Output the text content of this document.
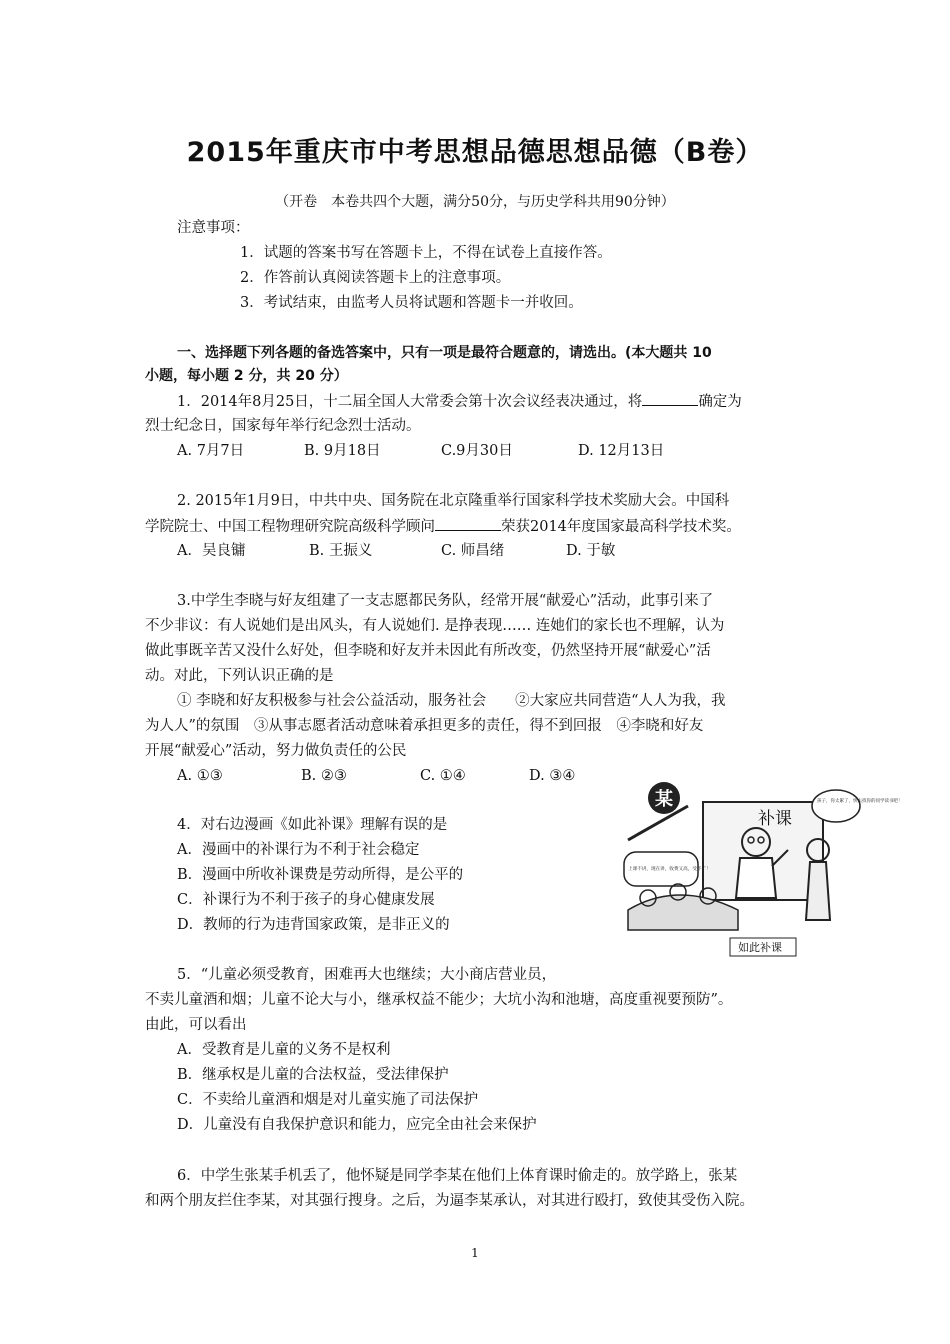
2015年重庆市中考思想品德思想品德（B卷）
（开卷　本卷共四个大题，满分50分，与历史学科共用90分钟）
注意事项：
1．试题的答案书写在答题卡上，不得在试卷上直接作答。
2．作答前认真阅读答题卡上的注意事项。
3．考试结束，由监考人员将试题和答题卡一并收回。
一、选择题下列各题的备选答案中，只有一项是最符合题意的，请选出。(本大题共 10
小题，每小题 2 分，共 20 分）
1．2014年8月25日，十二届全国人大常委会第十次会议经表决通过，将	确定为
烈士纪念日，国家每年举行纪念烈士活动。
A. 7月7日	B. 9月18日	C.9月30日	D. 12月13日
2. 2015年1月9日，中共中央、国务院在北京隆重举行国家科学技术奖励大会。中国科
学院院士、中国工程物理研究院高级科学顾问	荣获2014年度国家最高科学技术奖。
A．吴良镛	B. 王振义	C. 师昌绪	D. 于敏
3.中学生李晓与好友组建了一支志愿都民务队，经常开展“献爱心”活动，此事引来了
不少非议：有人说她们是出风头，有人说她们. 是挣表现…… 连她们的家长也不理解，认为
做此事既辛苦又没什么好处，但李晓和好友并未因此有所改变，仍然坚持开展“献爱心”活
动。对此，下列认识正确的是
① 李晓和好友积极参与社会公益活动，服务社会　　②大家应共同营造“人人为我，我
为人人”的氛围　③从事志愿者活动意味着承担更多的责任，得不到回报　④李晓和好友
开展“献爱心”活动，努力做负责任的公民
A. ①③	B. ②③	C. ①④	D. ③④
4．对右边漫画《如此补课》理解有误的是
A．漫画中的补课行为不利于社会稳定
B．漫画中所收补课费是劳动所得，是公平的
C．补课行为不利于孩子的身心健康发展
D．教师的行为违背国家政策，是非正义的
补课
某	孩子，你太累了，快去找你的同学读书吧！
上课不讲，现在讲，收费又高，受不了！
如此补课
5．“儿童必须受教育，困难再大也继续；大小商店营业员，
不卖儿童酒和烟；儿童不论大与小，继承权益不能少；大坑小沟和池塘，高度重视要预防”。
由此，可以看出
A．受教育是儿童的义务不是权利
B．继承权是儿童的合法权益，受法律保护
C．不卖给儿童酒和烟是对儿童实施了司法保护
D．儿童没有自我保护意识和能力，应完全由社会来保护
6．中学生张某手机丢了，他怀疑是同学李某在他们上体育课时偷走的。放学路上，张某
和两个朋友拦住李某，对其强行搜身。之后，为逼李某承认，对其进行殴打，致使其受伤入院。
1
